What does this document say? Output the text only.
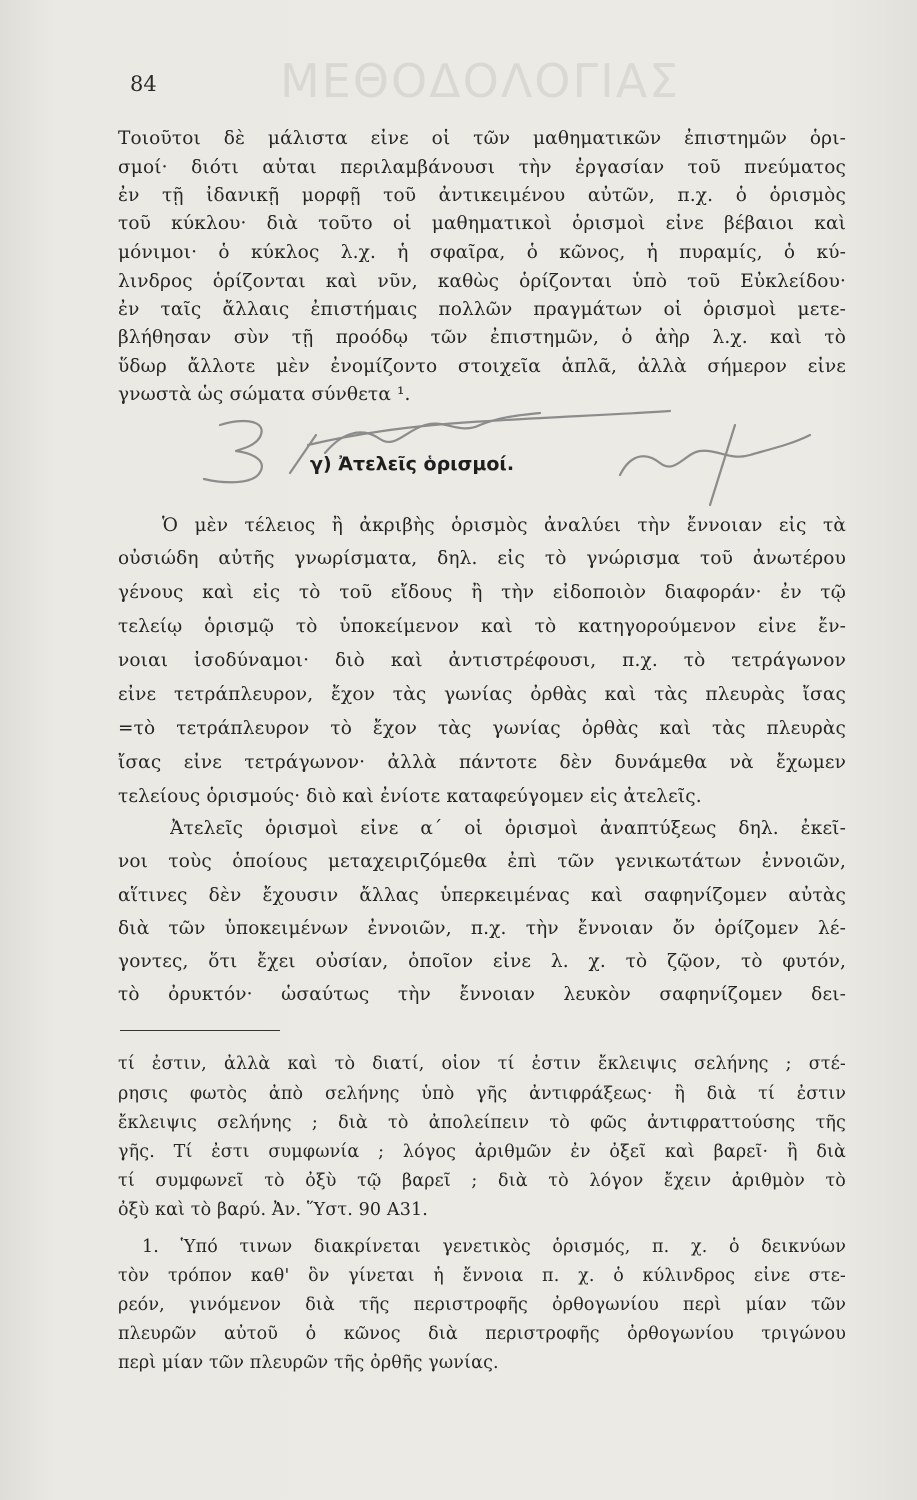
ΜΕΘΟΔΟΛΟΓΙΑΣ
84
Τοιοῦτοι δὲ μάλιστα εἶνε οἱ τῶν μαθηματικῶν ἐπιστημῶν ὁρι-
σμοί· διότι αὗται περιλαμβάνουσι τὴν ἐργασίαν τοῦ πνεύματος
ἐν τῇ ἰδανικῇ μορφῇ τοῦ ἀντικειμένου αὐτῶν, π.χ. ὁ ὁρισμὸς
τοῦ κύκλου· διὰ τοῦτο οἱ μαθηματικοὶ ὁρισμοὶ εἶνε βέβαιοι καὶ
μόνιμοι· ὁ κύκλος λ.χ. ἡ σφαῖρα, ὁ κῶνος, ἡ πυραμίς, ὁ κύ-
λινδρος ὁρίζονται καὶ νῦν, καθὼς ὁρίζονται ὑπὸ τοῦ Εὐκλείδου·
ἐν ταῖς ἄλλαις ἐπιστήμαις πολλῶν πραγμάτων οἱ ὁρισμοὶ μετε-
βλήθησαν σὺν τῇ προόδῳ τῶν ἐπιστημῶν, ὁ ἀὴρ λ.χ. καὶ τὸ
ὕδωρ ἄλλοτε μὲν ἐνομίζοντο στοιχεῖα ἁπλᾶ, ἀλλὰ σήμερον εἶνε
γνωστὰ ὡς σώματα σύνθετα ¹.
γ) Ἀτελεῖς ὁρισμοί.
Ὁ μὲν τέλειος ἢ ἀκριβὴς ὁρισμὸς ἀναλύει τὴν ἔννοιαν εἰς τὰ
οὐσιώδη αὐτῆς γνωρίσματα, δηλ. εἰς τὸ γνώρισμα τοῦ ἀνωτέρου
γένους καὶ εἰς τὸ τοῦ εἴδους ἢ τὴν εἰδοποιὸν διαφοράν· ἐν τῷ
τελείῳ ὁρισμῷ τὸ ὑποκείμενον καὶ τὸ κατηγορούμενον εἶνε ἔν-
νοιαι ἰσοδύναμοι· διὸ καὶ ἀντιστρέφουσι, π.χ. τὸ τετράγωνον
εἶνε τετράπλευρον, ἔχον τὰς γωνίας ὀρθὰς καὶ τὰς πλευρὰς ἴσας
=τὸ τετράπλευρον τὸ ἔχον τὰς γωνίας ὀρθὰς καὶ τὰς πλευρὰς
ἴσας εἶνε τετράγωνον· ἀλλὰ πάντοτε δὲν δυνάμεθα νὰ ἔχωμεν
τελείους ὁρισμούς· διὸ καὶ ἐνίοτε καταφεύγομεν εἰς ἀτελεῖς.
Ἀτελεῖς ὁρισμοὶ εἶνε α´ οἱ ὁρισμοὶ ἀναπτύξεως δηλ. ἐκεῖ-
νοι τοὺς ὁποίους μεταχειριζόμεθα ἐπὶ τῶν γενικωτάτων ἐννοιῶν,
αἵτινες δὲν ἔχουσιν ἄλλας ὑπερκειμένας καὶ σαφηνίζομεν αὐτὰς
διὰ τῶν ὑποκειμένων ἐννοιῶν, π.χ. τὴν ἔννοιαν ὄν ὁρίζομεν λέ-
γοντες, ὅτι ἔχει οὐσίαν, ὁποῖον εἶνε λ. χ. τὸ ζῷον, τὸ φυτόν,
τὸ ὀρυκτόν· ὡσαύτως τὴν ἔννοιαν λευκὸν σαφηνίζομεν δει-
τί ἐστιν, ἀλλὰ καὶ τὸ διατί, οἷον τί ἐστιν ἔκλειψις σελήνης ; στέ-
ρησις φωτὸς ἀπὸ σελήνης ὑπὸ γῆς ἀντιφράξεως· ἢ διὰ τί ἐστιν
ἔκλειψις σελήνης ; διὰ τὸ ἀπολείπειν τὸ φῶς ἀντιφραττούσης τῆς
γῆς. Τί ἐστι συμφωνία ; λόγος ἀριθμῶν ἐν ὀξεῖ καὶ βαρεῖ· ἢ διὰ
τί συμφωνεῖ τὸ ὀξὺ τῷ βαρεῖ ; διὰ τὸ λόγον ἔχειν ἀριθμὸν τὸ
ὀξὺ καὶ τὸ βαρύ. Ἀν. Ὕστ. 90 Α31.
1. Ὑπό τινων διακρίνεται γενετικὸς ὁρισμός, π. χ. ὁ δεικνύων
τὸν τρόπον καθ' ὃν γίνεται ἡ ἔννοια π. χ. ὁ κύλινδρος εἶνε στε-
ρεόν, γινόμενον διὰ τῆς περιστροφῆς ὀρθογωνίου περὶ μίαν τῶν
πλευρῶν αὐτοῦ ὁ κῶνος διὰ περιστροφῆς ὀρθογωνίου τριγώνου
περὶ μίαν τῶν πλευρῶν τῆς ὀρθῆς γωνίας.
